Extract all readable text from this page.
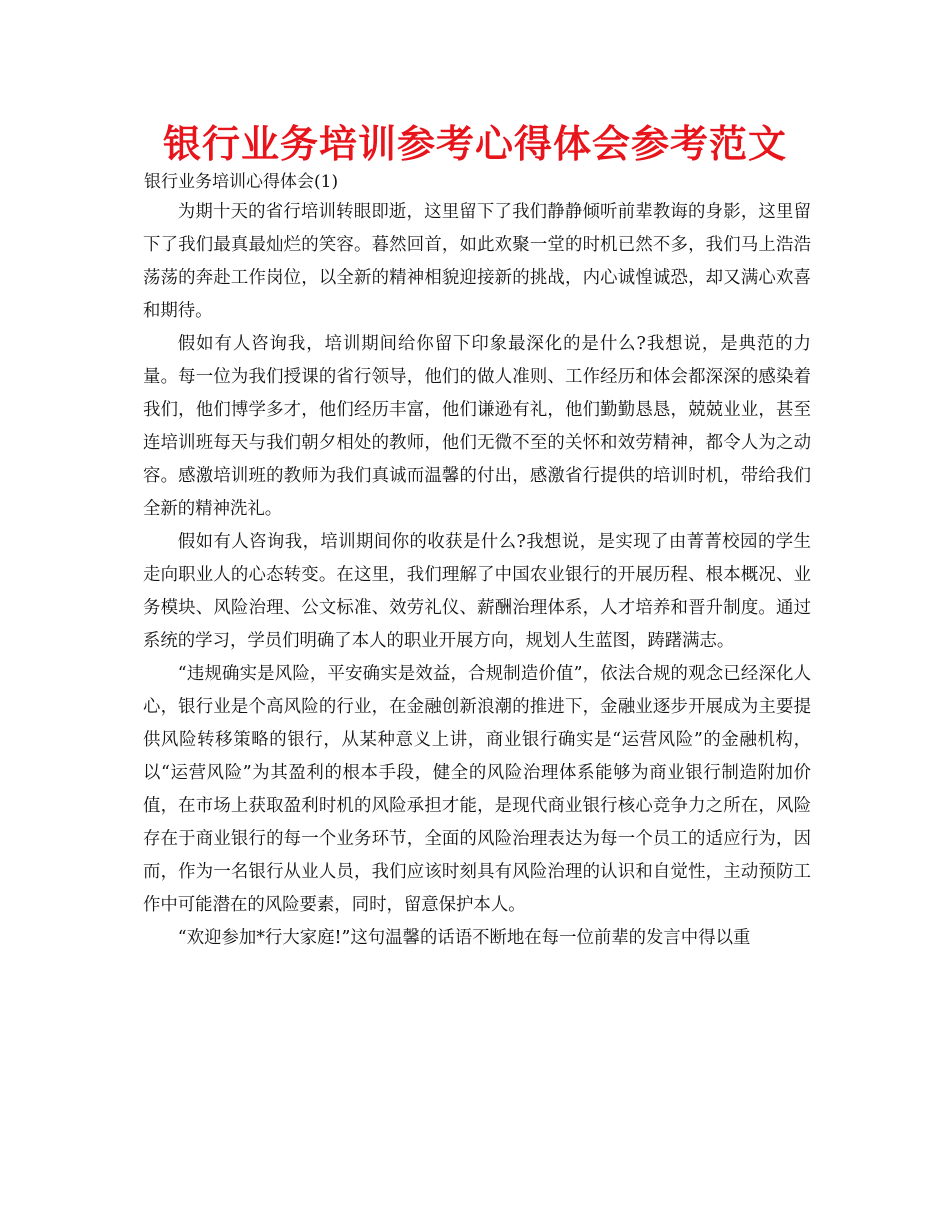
银行业务培训参考心得体会参考范文

银行业务培训心得体会(1)

为期十天的省行培训转眼即逝，这里留下了我们静静倾听前辈教诲的身影，这里留下了我们最真最灿烂的笑容。暮然回首，如此欢聚一堂的时机已然不多，我们马上浩浩荡荡的奔赴工作岗位，以全新的精神相貌迎接新的挑战，内心诚惶诚恐，却又满心欢喜和期待。

假如有人咨询我，培训期间给你留下印象最深化的是什么?我想说，是典范的力量。每一位为我们授课的省行领导，他们的做人准则、工作经历和体会都深深的感染着我们，他们博学多才，他们经历丰富，他们谦逊有礼，他们勤勤恳恳，兢兢业业，甚至连培训班每天与我们朝夕相处的教师，他们无微不至的关怀和效劳精神，都令人为之动容。感激培训班的教师为我们真诚而温馨的付出，感激省行提供的培训时机，带给我们全新的精神洗礼。

假如有人咨询我，培训期间你的收获是什么?我想说，是实现了由菁菁校园的学生走向职业人的心态转变。在这里，我们理解了中国农业银行的开展历程、根本概况、业务模块、风险治理、公文标准、效劳礼仪、薪酬治理体系，人才培养和晋升制度。通过系统的学习，学员们明确了本人的职业开展方向，规划人生蓝图，踌躇满志。

“违规确实是风险，平安确实是效益，合规制造价值”，依法合规的观念已经深化人心，银行业是个高风险的行业，在金融创新浪潮的推进下，金融业逐步开展成为主要提供风险转移策略的银行，从某种意义上讲，商业银行确实是“运营风险”的金融机构，以“运营风险”为其盈利的根本手段，健全的风险治理体系能够为商业银行制造附加价值，在市场上获取盈利时机的风险承担才能，是现代商业银行核心竞争力之所在，风险存在于商业银行的每一个业务环节，全面的风险治理表达为每一个员工的适应行为，因而，作为一名银行从业人员，我们应该时刻具有风险治理的认识和自觉性，主动预防工作中可能潜在的风险要素，同时，留意保护本人。

“欢迎参加*行大家庭!”这句温馨的话语不断地在每一位前辈的发言中得以重
